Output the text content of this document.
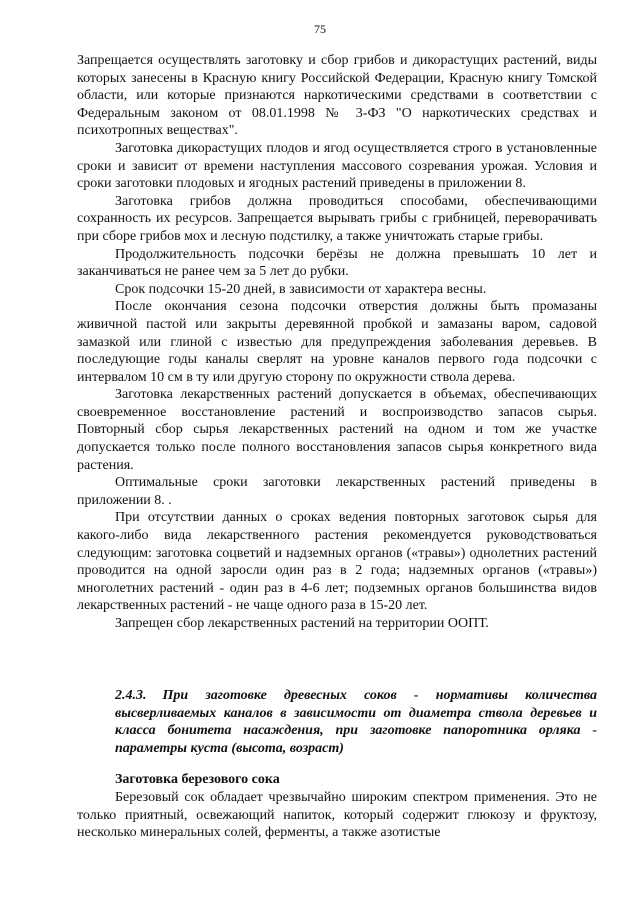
75

Запрещается осуществлять заготовку и сбор грибов и дикорастущих растений, виды которых занесены в Красную книгу Российской Федерации, Красную книгу Томской области, или которые признаются наркотическими средствами в соответствии с Федеральным законом от 08.01.1998 № 3-ФЗ "О наркотических средствах и психотропных веществах".

Заготовка дикорастущих плодов и ягод осуществляется строго в установленные сроки и зависит от времени наступления массового созревания урожая. Условия и сроки заготовки плодовых и ягодных растений приведены в приложении 8.

Заготовка грибов должна проводиться способами, обеспечивающими сохранность их ресурсов. Запрещается вырывать грибы с грибницей, переворачивать при сборе грибов мох и лесную подстилку, а также уничтожать старые грибы.

Продолжительность подсочки берёзы не должна превышать 10 лет и заканчиваться не ранее чем за 5 лет до рубки.

Срок подсочки 15-20 дней, в зависимости от характера весны.

После окончания сезона подсочки отверстия должны быть промазаны живичной пастой или закрыты деревянной пробкой и замазаны варом, садовой замазкой или глиной с известью для предупреждения заболевания деревьев. В последующие годы каналы сверлят на уровне каналов первого года подсочки с интервалом 10 см в ту или другую сторону по окружности ствола дерева.

Заготовка лекарственных растений допускается в объемах, обеспечивающих своевременное восстановление растений и воспроизводство запасов сырья. Повторный сбор сырья лекарственных растений на одном и том же участке допускается только после полного восстановления запасов сырья конкретного вида растения.

Оптимальные сроки заготовки лекарственных растений приведены в приложении 8. .

При отсутствии данных о сроках ведения повторных заготовок сырья для какого-либо вида лекарственного растения рекомендуется руководствоваться следующим: заготовка соцветий и надземных органов («травы») однолетних растений проводится на одной заросли один раз в 2 года; надземных органов («травы») многолетних растений - один раз в 4-6 лет; подземных органов большинства видов лекарственных растений - не чаще одного раза в 15-20 лет.

Запрещен сбор лекарственных растений на территории ООПТ.

2.4.3. При заготовке древесных соков - нормативы количества высверливаемых каналов в зависимости от диаметра ствола деревьев и класса бонитета насаждения, при заготовке папоротника орляка - параметры куста (высота, возраст)
Заготовка березового сока

Березовый сок обладает чрезвычайно широким спектром применения. Это не только приятный, освежающий напиток, который содержит глюкозу и фруктозу, несколько минеральных солей, ферменты, а также азотистые
